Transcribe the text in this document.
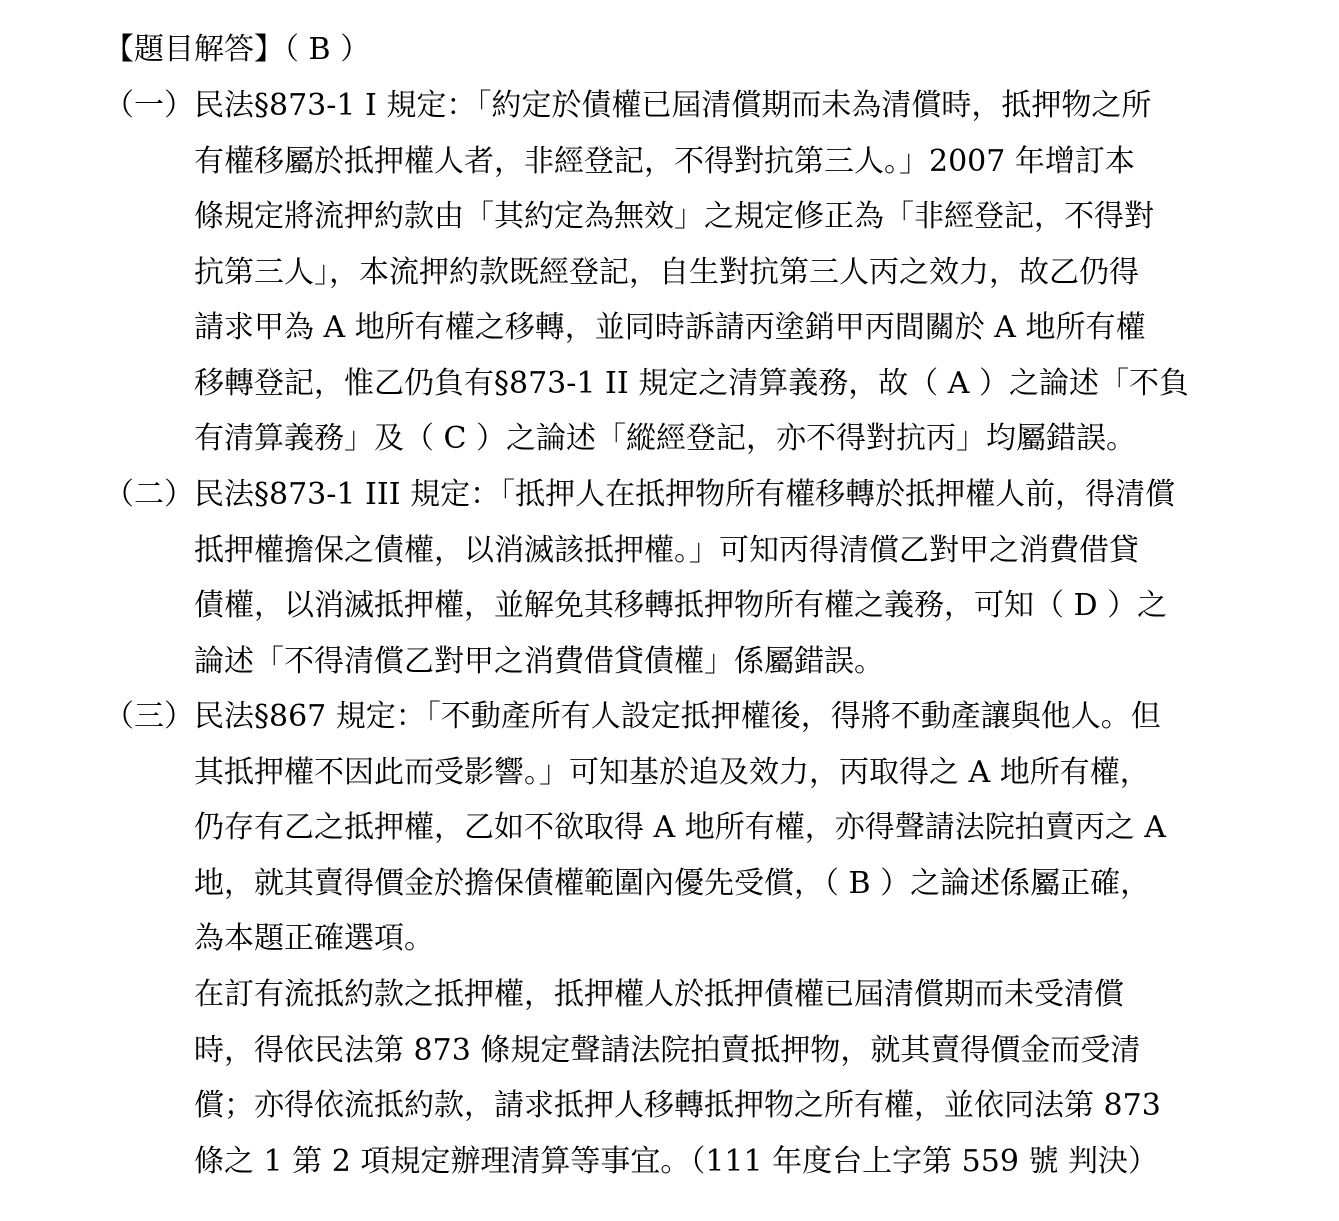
【題目解答】（ B ）
（一） 民法§873-1 I 規定：「約定於債權已屆清償期而未為清償時，抵押物之所
有權移屬於抵押權人者，非經登記，不得對抗第三人。」2007 年增訂本
條規定將流押約款由「其約定為無效」之規定修正為「非經登記，不得對
抗第三人」，本流押約款既經登記，自生對抗第三人丙之效力，故乙仍得
請求甲為 A 地所有權之移轉，並同時訴請丙塗銷甲丙間關於 A 地所有權
移轉登記，惟乙仍負有§873-1 II 規定之清算義務，故（ A ）之論述「不負
有清算義務」及（ C ）之論述「縱經登記，亦不得對抗丙」均屬錯誤。
（二） 民法§873-1 III 規定：「抵押人在抵押物所有權移轉於抵押權人前，得清償
抵押權擔保之債權，以消滅該抵押權。」可知丙得清償乙對甲之消費借貸
債權，以消滅抵押權，並解免其移轉抵押物所有權之義務，可知（ D ）之
論述「不得清償乙對甲之消費借貸債權」係屬錯誤。
（三） 民法§867 規定：「不動產所有人設定抵押權後，得將不動產讓與他人。但
其抵押權不因此而受影響。」可知基於追及效力，丙取得之 A 地所有權，
仍存有乙之抵押權，乙如不欲取得 A 地所有權，亦得聲請法院拍賣丙之 A
地，就其賣得價金於擔保債權範圍內優先受償，（ B ）之論述係屬正確，
為本題正確選項。
在訂有流抵約款之抵押權，抵押權人於抵押債權已屆清償期而未受清償
時，得依民法第 873 條規定聲請法院拍賣抵押物，就其賣得價金而受清
償；亦得依流抵約款，請求抵押人移轉抵押物之所有權，並依同法第 873
條之 1 第 2 項規定辦理清算等事宜。（111 年度台上字第 559 號 判決）
